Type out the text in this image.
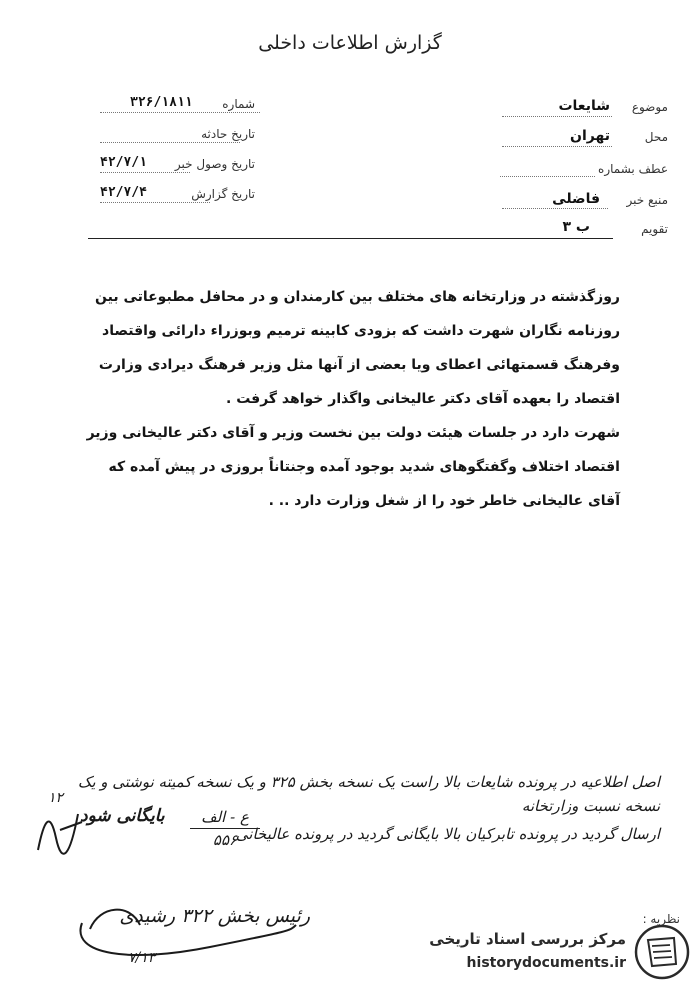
گزارش اطلاعات داخلی
شماره
۳۲۶/۱۸۱۱
تاریخ حادثه
تاریخ وصول خبر
۴۲/۷/۱
تاریخ گزارش
۴۲/۷/۴
موضوع
شایعات
محل
تهران
عطف بشماره
منبع خبر
فاضلی
تقویم
ب ۳

روزگذشته در وزارتخانه های مختلف بین کارمندان و در محافل مطبوعاتی بین روزنامه نگاران شهرت داشت که بزودی کابینه ترمیم وبوزراء دارائی واقتصاد وفرهنگ قسمتهائی اعطای ویا بعضی از آنها مثل وزیر فرهنگ دیرادی وزارت اقتصاد را بعهده آقای دکتر عالیخانی واگذار خواهد گرفت .

شهرت دارد در جلسات هیئت دولت بین نخست وزیر و آقای دکتر عالیخانی وزیر اقتصاد اختلاف وگفتگوهای شدید بوجود آمده وجنتاناً بروزی در پیش آمده که آقای عالیخانی خاطر خود را از شغل وزارت دارد .. .

اصل اطلاعیه در پرونده شایعات بالا راست یک نسخه بخش ۳۲۵ و یک نسخه کمیته نوشتی و یک نسخه نسبت وزارتخانه
ارسال گردید در پرونده تابرکیان بالا بایگانی گردید در پرونده عالیخانی
ع - الف
۵۵۶
بایگانی شود
۱۲
رئیس بخش ۳۲۲ رشیدی
۷/۱۳
نظریه :
مرکز بررسی اسناد تاریخی
historydocuments.ir
